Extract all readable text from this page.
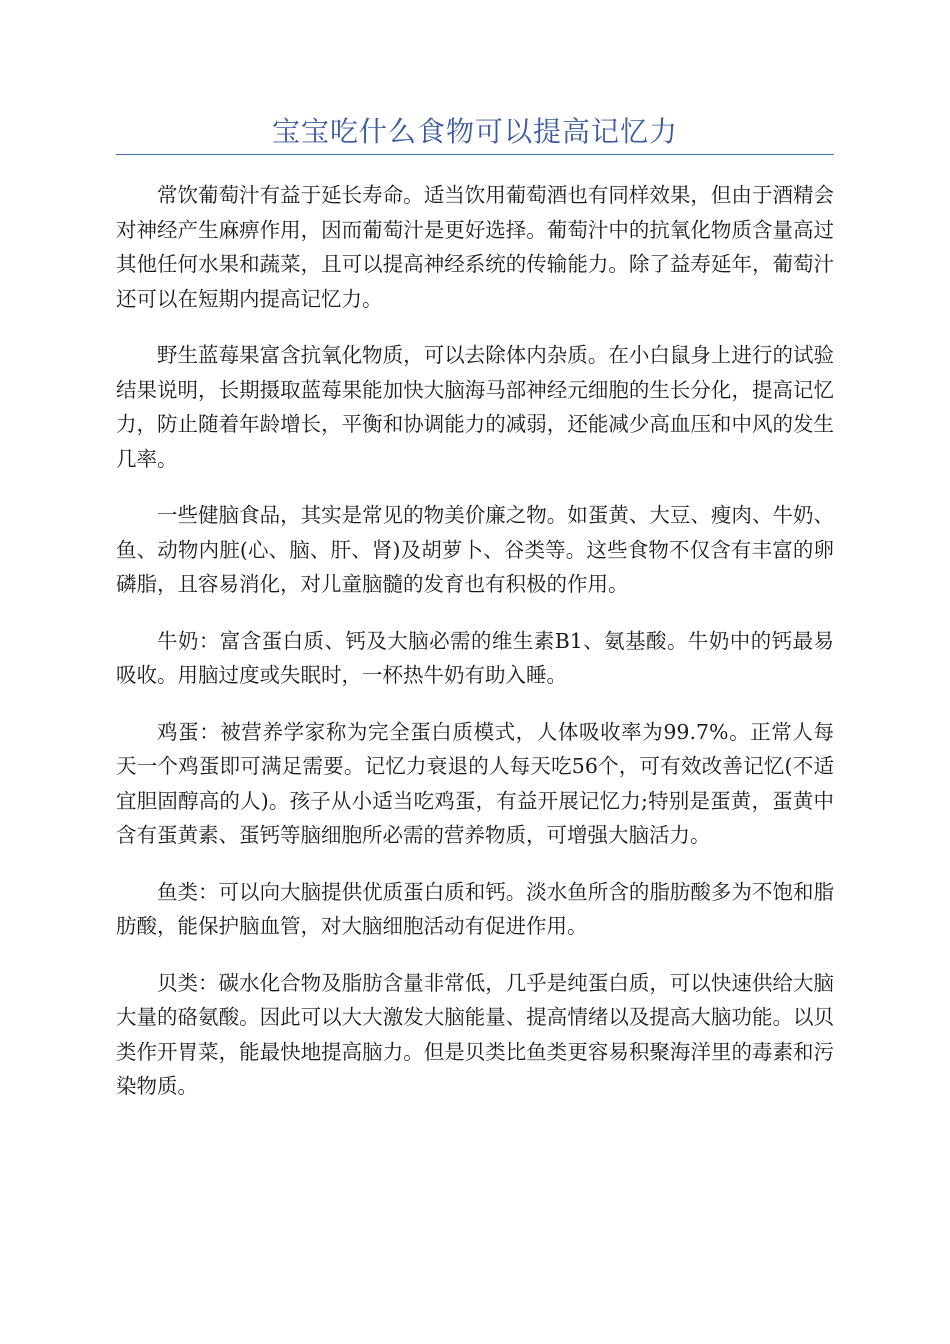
宝宝吃什么食物可以提高记忆力

常饮葡萄汁有益于延长寿命。适当饮用葡萄酒也有同样效果，但由于酒精会对神经产生麻痹作用，因而葡萄汁是更好选择。葡萄汁中的抗氧化物质含量高过其他任何水果和蔬菜，且可以提高神经系统的传输能力。除了益寿延年，葡萄汁还可以在短期内提高记忆力。

野生蓝莓果富含抗氧化物质，可以去除体内杂质。在小白鼠身上进行的试验结果说明，长期摄取蓝莓果能加快大脑海马部神经元细胞的生长分化，提高记忆力，防止随着年龄增长，平衡和协调能力的减弱，还能减少高血压和中风的发生几率。

一些健脑食品，其实是常见的物美价廉之物。如蛋黄、大豆、瘦肉、牛奶、鱼、动物内脏(心、脑、肝、肾)及胡萝卜、谷类等。这些食物不仅含有丰富的卵磷脂，且容易消化，对儿童脑髓的发育也有积极的作用。

牛奶：富含蛋白质、钙及大脑必需的维生素B1、氨基酸。牛奶中的钙最易吸收。用脑过度或失眠时，一杯热牛奶有助入睡。

鸡蛋：被营养学家称为完全蛋白质模式，人体吸收率为99.7%。正常人每天一个鸡蛋即可满足需要。记忆力衰退的人每天吃56个，可有效改善记忆(不适宜胆固醇高的人)。孩子从小适当吃鸡蛋，有益开展记忆力;特别是蛋黄，蛋黄中含有蛋黄素、蛋钙等脑细胞所必需的营养物质，可增强大脑活力。

鱼类：可以向大脑提供优质蛋白质和钙。淡水鱼所含的脂肪酸多为不饱和脂肪酸，能保护脑血管，对大脑细胞活动有促进作用。

贝类：碳水化合物及脂肪含量非常低，几乎是纯蛋白质，可以快速供给大脑大量的硌氨酸。因此可以大大激发大脑能量、提高情绪以及提高大脑功能。以贝类作开胃菜，能最快地提高脑力。但是贝类比鱼类更容易积聚海洋里的毒素和污染物质。
